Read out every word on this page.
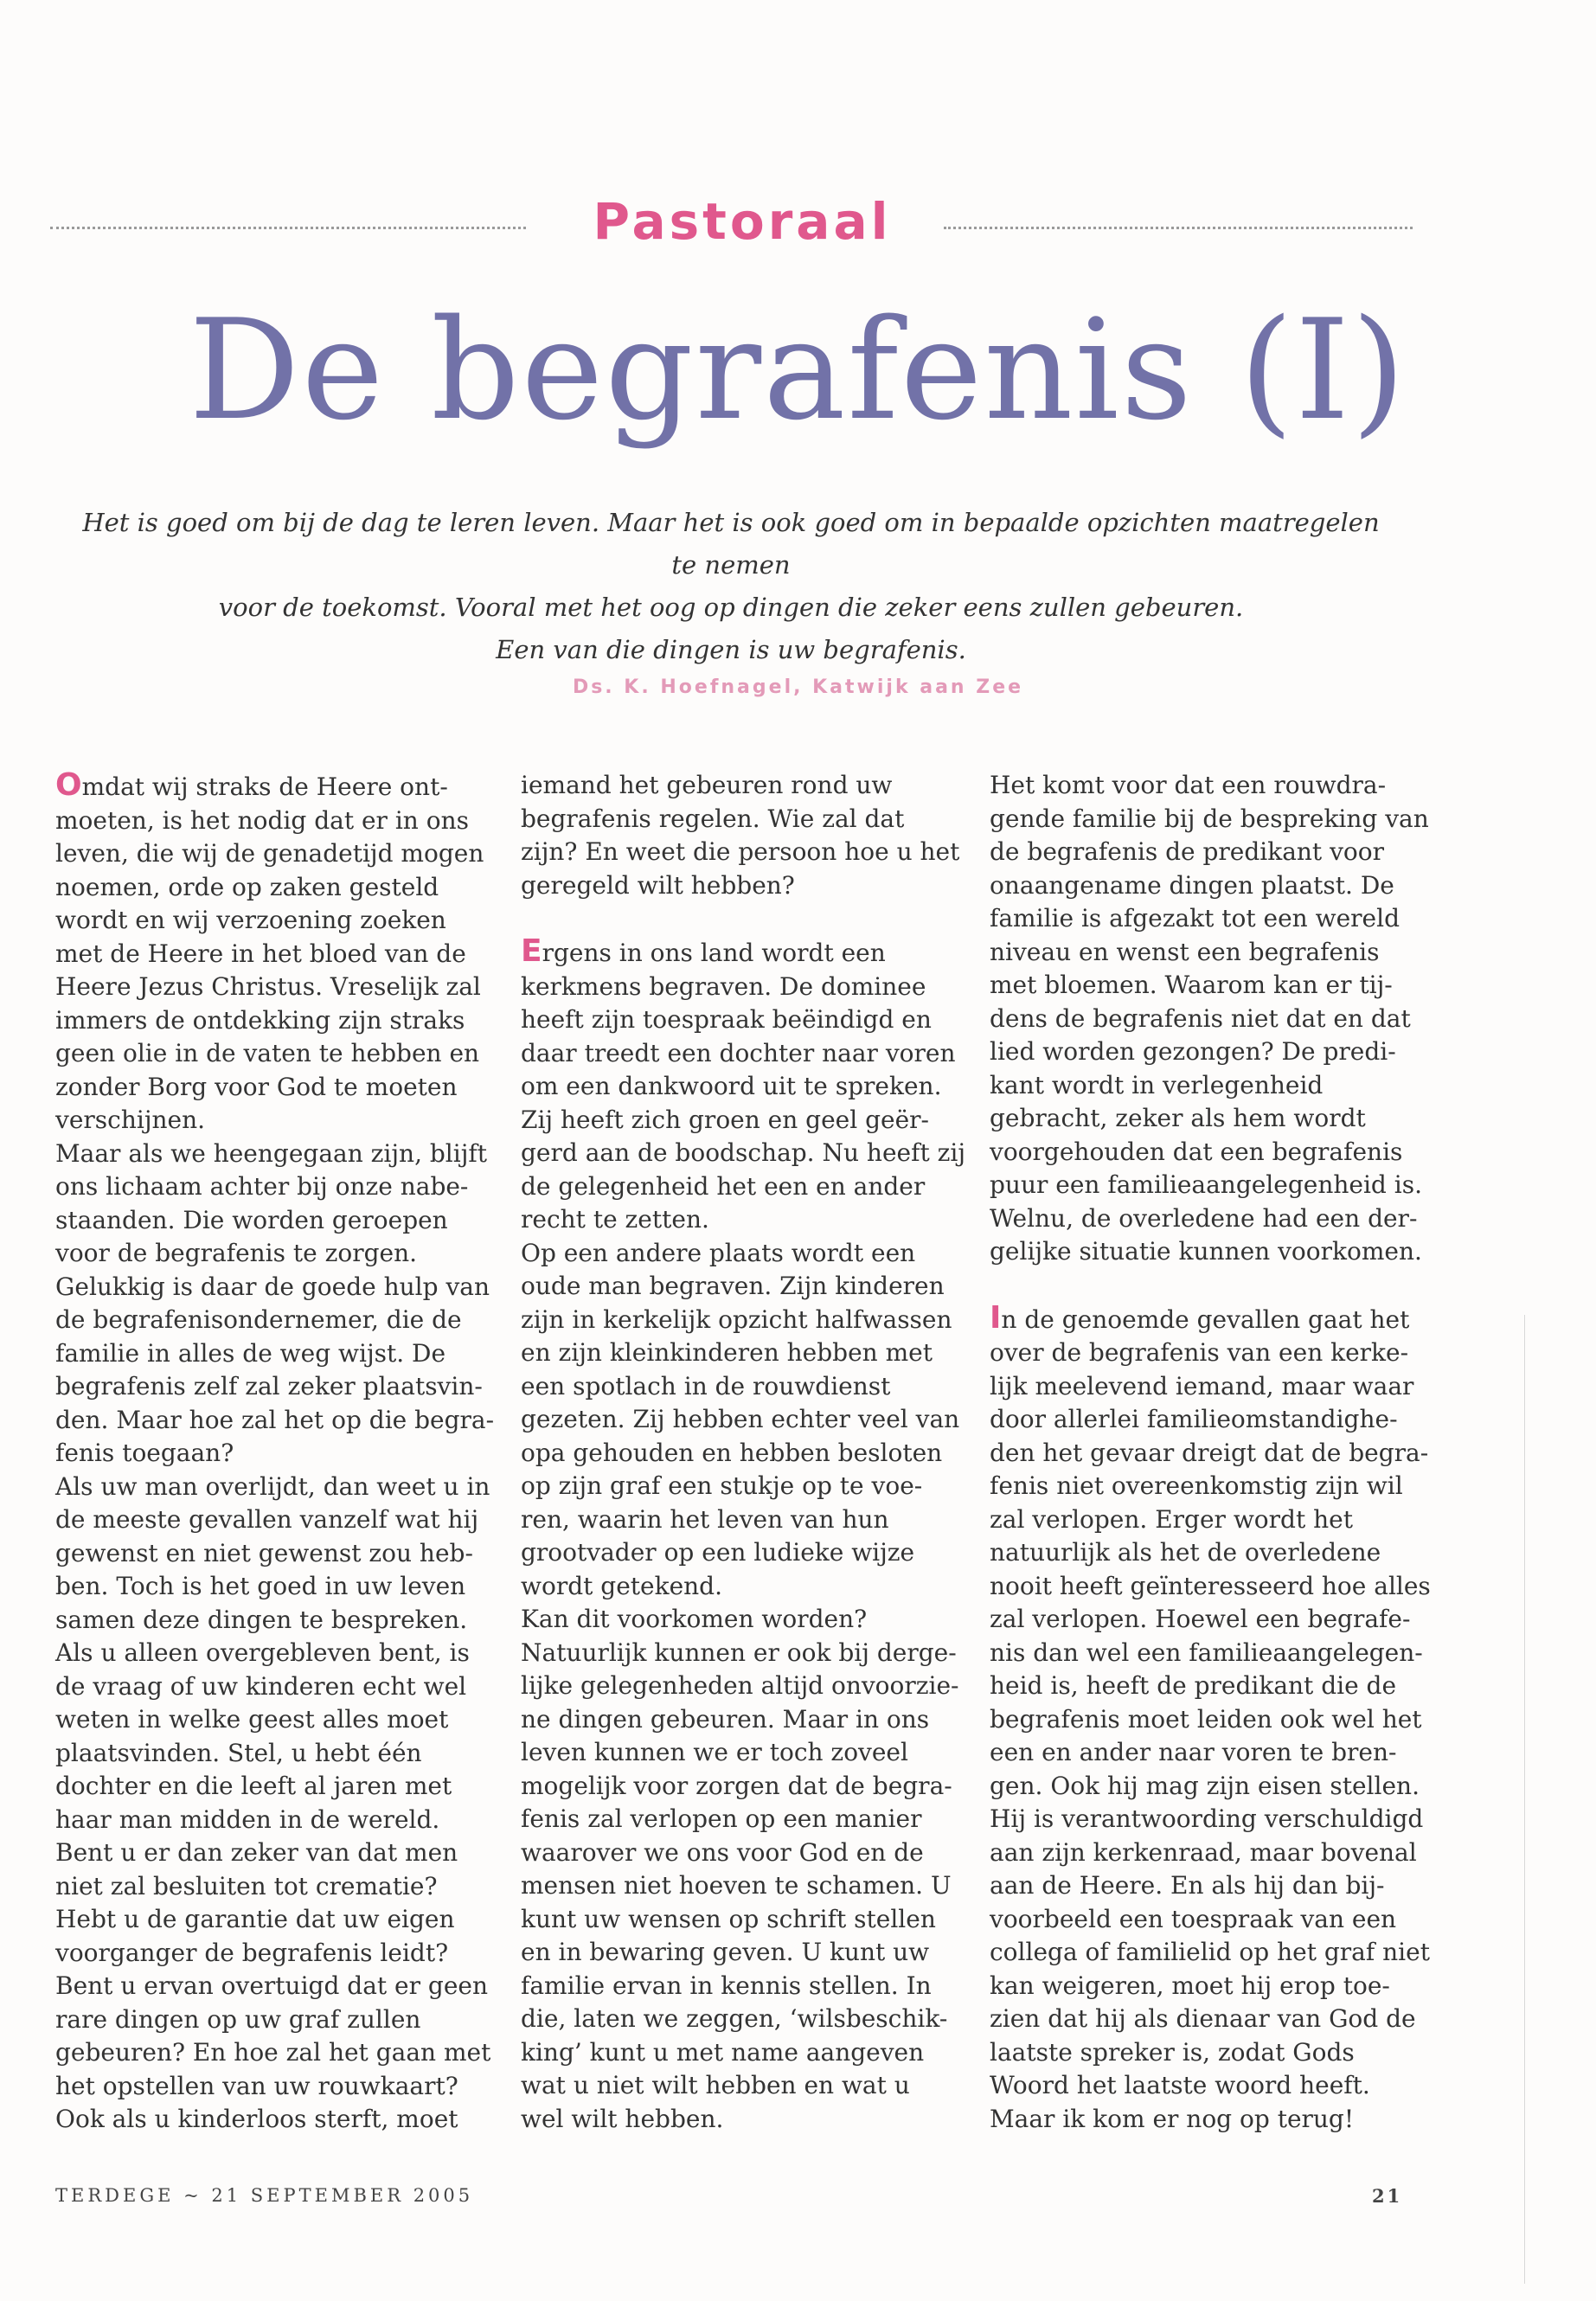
Pastoraal
De begrafenis (I)
Het is goed om bij de dag te leren leven. Maar het is ook goed om in bepaalde opzichten maatregelen te nemen
voor de toekomst. Vooral met het oog op dingen die zeker eens zullen gebeuren.
Een van die dingen is uw begrafenis.
Ds. K. Hoefnagel, Katwijk aan Zee

Omdat wij straks de Heere ont-
moeten, is het nodig dat er in ons
leven, die wij de genadetijd mogen
noemen, orde op zaken gesteld
wordt en wij verzoening zoeken
met de Heere in het bloed van de
Heere Jezus Christus. Vreselijk zal
immers de ontdekking zijn straks
geen olie in de vaten te hebben en
zonder Borg voor God te moeten
verschijnen.
Maar als we heengegaan zijn, blijft
ons lichaam achter bij onze nabe-
staanden. Die worden geroepen
voor de begrafenis te zorgen.
Gelukkig is daar de goede hulp van
de begrafenisondernemer, die de
familie in alles de weg wijst. De
begrafenis zelf zal zeker plaatsvin-
den. Maar hoe zal het op die begra-
fenis toegaan?
Als uw man overlijdt, dan weet u in
de meeste gevallen vanzelf wat hij
gewenst en niet gewenst zou heb-
ben. Toch is het goed in uw leven
samen deze dingen te bespreken.
Als u alleen overgebleven bent, is
de vraag of uw kinderen echt wel
weten in welke geest alles moet
plaatsvinden. Stel, u hebt één
dochter en die leeft al jaren met
haar man midden in de wereld.
Bent u er dan zeker van dat men
niet zal besluiten tot crematie?
Hebt u de garantie dat uw eigen
voorganger de begrafenis leidt?
Bent u ervan overtuigd dat er geen
rare dingen op uw graf zullen
gebeuren? En hoe zal het gaan met
het opstellen van uw rouwkaart?
Ook als u kinderloos sterft, moet

iemand het gebeuren rond uw
begrafenis regelen. Wie zal dat
zijn? En weet die persoon hoe u het
geregeld wilt hebben?

Ergens in ons land wordt een
kerkmens begraven. De dominee
heeft zijn toespraak beëindigd en
daar treedt een dochter naar voren
om een dankwoord uit te spreken.
Zij heeft zich groen en geel geër-
gerd aan de boodschap. Nu heeft zij
de gelegenheid het een en ander
recht te zetten.
Op een andere plaats wordt een
oude man begraven. Zijn kinderen
zijn in kerkelijk opzicht halfwassen
en zijn kleinkinderen hebben met
een spotlach in de rouwdienst
gezeten. Zij hebben echter veel van
opa gehouden en hebben besloten
op zijn graf een stukje op te voe-
ren, waarin het leven van hun
grootvader op een ludieke wijze
wordt getekend.
Kan dit voorkomen worden?
Natuurlijk kunnen er ook bij derge-
lijke gelegenheden altijd onvoorzie-
ne dingen gebeuren. Maar in ons
leven kunnen we er toch zoveel
mogelijk voor zorgen dat de begra-
fenis zal verlopen op een manier
waarover we ons voor God en de
mensen niet hoeven te schamen. U
kunt uw wensen op schrift stellen
en in bewaring geven. U kunt uw
familie ervan in kennis stellen. In
die, laten we zeggen, ‘wilsbeschik-
king’ kunt u met name aangeven
wat u niet wilt hebben en wat u
wel wilt hebben.

Het komt voor dat een rouwdra-
gende familie bij de bespreking van
de begrafenis de predikant voor
onaangename dingen plaatst. De
familie is afgezakt tot een wereld
niveau en wenst een begrafenis
met bloemen. Waarom kan er tij-
dens de begrafenis niet dat en dat
lied worden gezongen? De predi-
kant wordt in verlegenheid
gebracht, zeker als hem wordt
voorgehouden dat een begrafenis
puur een familieaangelegenheid is.
Welnu, de overledene had een der-
gelijke situatie kunnen voorkomen.

In de genoemde gevallen gaat het
over de begrafenis van een kerke-
lijk meelevend iemand, maar waar
door allerlei familieomstandighe-
den het gevaar dreigt dat de begra-
fenis niet overeenkomstig zijn wil
zal verlopen. Erger wordt het
natuurlijk als het de overledene
nooit heeft geïnteresseerd hoe alles
zal verlopen. Hoewel een begrafe-
nis dan wel een familieaangelegen-
heid is, heeft de predikant die de
begrafenis moet leiden ook wel het
een en ander naar voren te bren-
gen. Ook hij mag zijn eisen stellen.
Hij is verantwoording verschuldigd
aan zijn kerkenraad, maar bovenal
aan de Heere. En als hij dan bij-
voorbeeld een toespraak van een
collega of familielid op het graf niet
kan weigeren, moet hij erop toe-
zien dat hij als dienaar van God de
laatste spreker is, zodat Gods
Woord het laatste woord heeft.
Maar ik kom er nog op terug!

TERDEGE ~ 21 SEPTEMBER 2005	21
